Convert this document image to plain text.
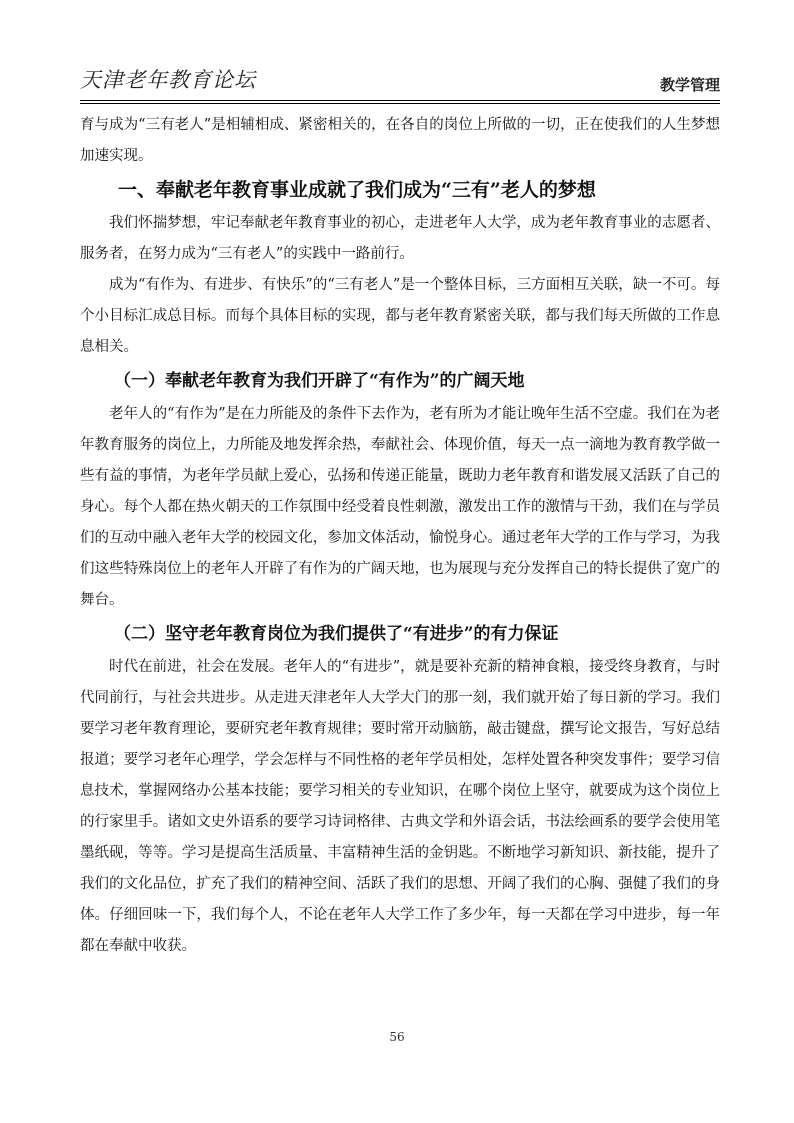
天津老年教育论坛	教学管理

育与成为“三有老人”是相辅相成、紧密相关的，在各自的岗位上所做的一切，正在使我们的人生梦想加速实现。

一、奉献老年教育事业成就了我们成为“三有”老人的梦想

我们怀揣梦想，牢记奉献老年教育事业的初心，走进老年人大学，成为老年教育事业的志愿者、服务者，在努力成为“三有老人”的实践中一路前行。

成为“有作为、有进步、有快乐”的“三有老人”是一个整体目标，三方面相互关联，缺一不可。每个小目标汇成总目标。而每个具体目标的实现，都与老年教育紧密关联，都与我们每天所做的工作息息相关。

（一）奉献老年教育为我们开辟了“有作为”的广阔天地

老年人的“有作为”是在力所能及的条件下去作为，老有所为才能让晚年生活不空虚。我们在为老年教育服务的岗位上，力所能及地发挥余热，奉献社会、体现价值，每天一点一滴地为教育教学做一些有益的事情，为老年学员献上爱心，弘扬和传递正能量，既助力老年教育和谐发展又活跃了自己的身心。每个人都在热火朝天的工作氛围中经受着良性刺激，激发出工作的激情与干劲，我们在与学员们的互动中融入老年大学的校园文化，参加文体活动，愉悦身心。通过老年大学的工作与学习，为我们这些特殊岗位上的老年人开辟了有作为的广阔天地，也为展现与充分发挥自己的特长提供了宽广的舞台。

（二）坚守老年教育岗位为我们提供了“有进步”的有力保证

时代在前进，社会在发展。老年人的“有进步”，就是要补充新的精神食粮，接受终身教育，与时代同前行，与社会共进步。从走进天津老年人大学大门的那一刻，我们就开始了每日新的学习。我们要学习老年教育理论，要研究老年教育规律；要时常开动脑筋，敲击键盘，撰写论文报告，写好总结报道；要学习老年心理学，学会怎样与不同性格的老年学员相处，怎样处置各种突发事件；要学习信息技术，掌握网络办公基本技能；要学习相关的专业知识，在哪个岗位上坚守，就要成为这个岗位上的行家里手。诸如文史外语系的要学习诗词格律、古典文学和外语会话，书法绘画系的要学会使用笔墨纸砚，等等。学习是提高生活质量、丰富精神生活的金钥匙。不断地学习新知识、新技能，提升了我们的文化品位，扩充了我们的精神空间、活跃了我们的思想、开阔了我们的心胸、强健了我们的身体。仔细回味一下，我们每个人，不论在老年人大学工作了多少年，每一天都在学习中进步，每一年都在奉献中收获。

56
